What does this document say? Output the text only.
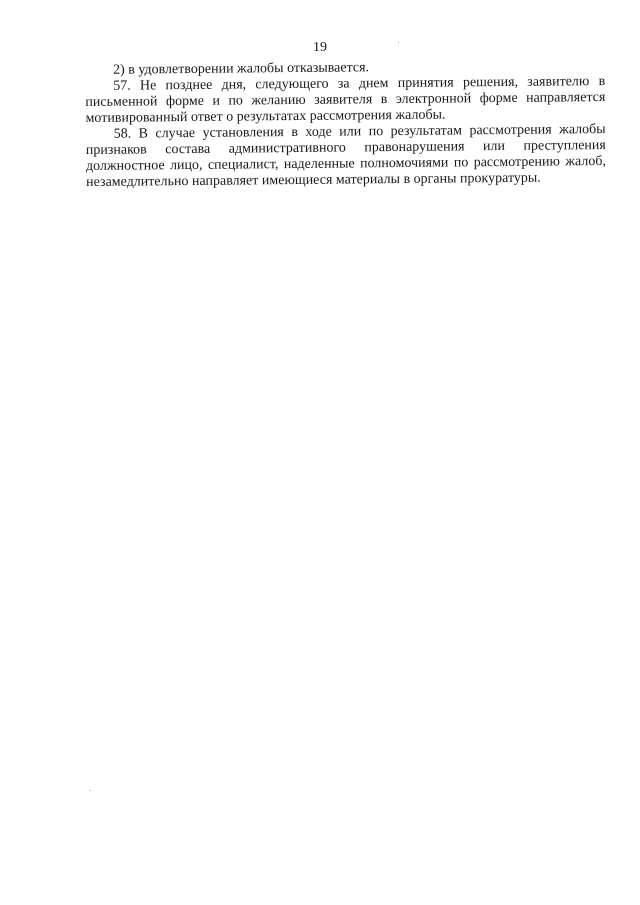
19

2) в удовлетворении жалобы отказывается.

57. Не позднее дня, следующего за днем принятия решения, заявителю в письменной форме и по желанию заявителя в электронной форме направляется мотивированный ответ о результатах рассмотрения жалобы.

58. В случае установления в ходе или по результатам рассмотрения жалобы признаков состава административного правонарушения или преступления должностное лицо, специалист, наделенные полномочиями по рассмотрению жалоб, незамедлительно направляет имеющиеся материалы в органы прокуратуры.
